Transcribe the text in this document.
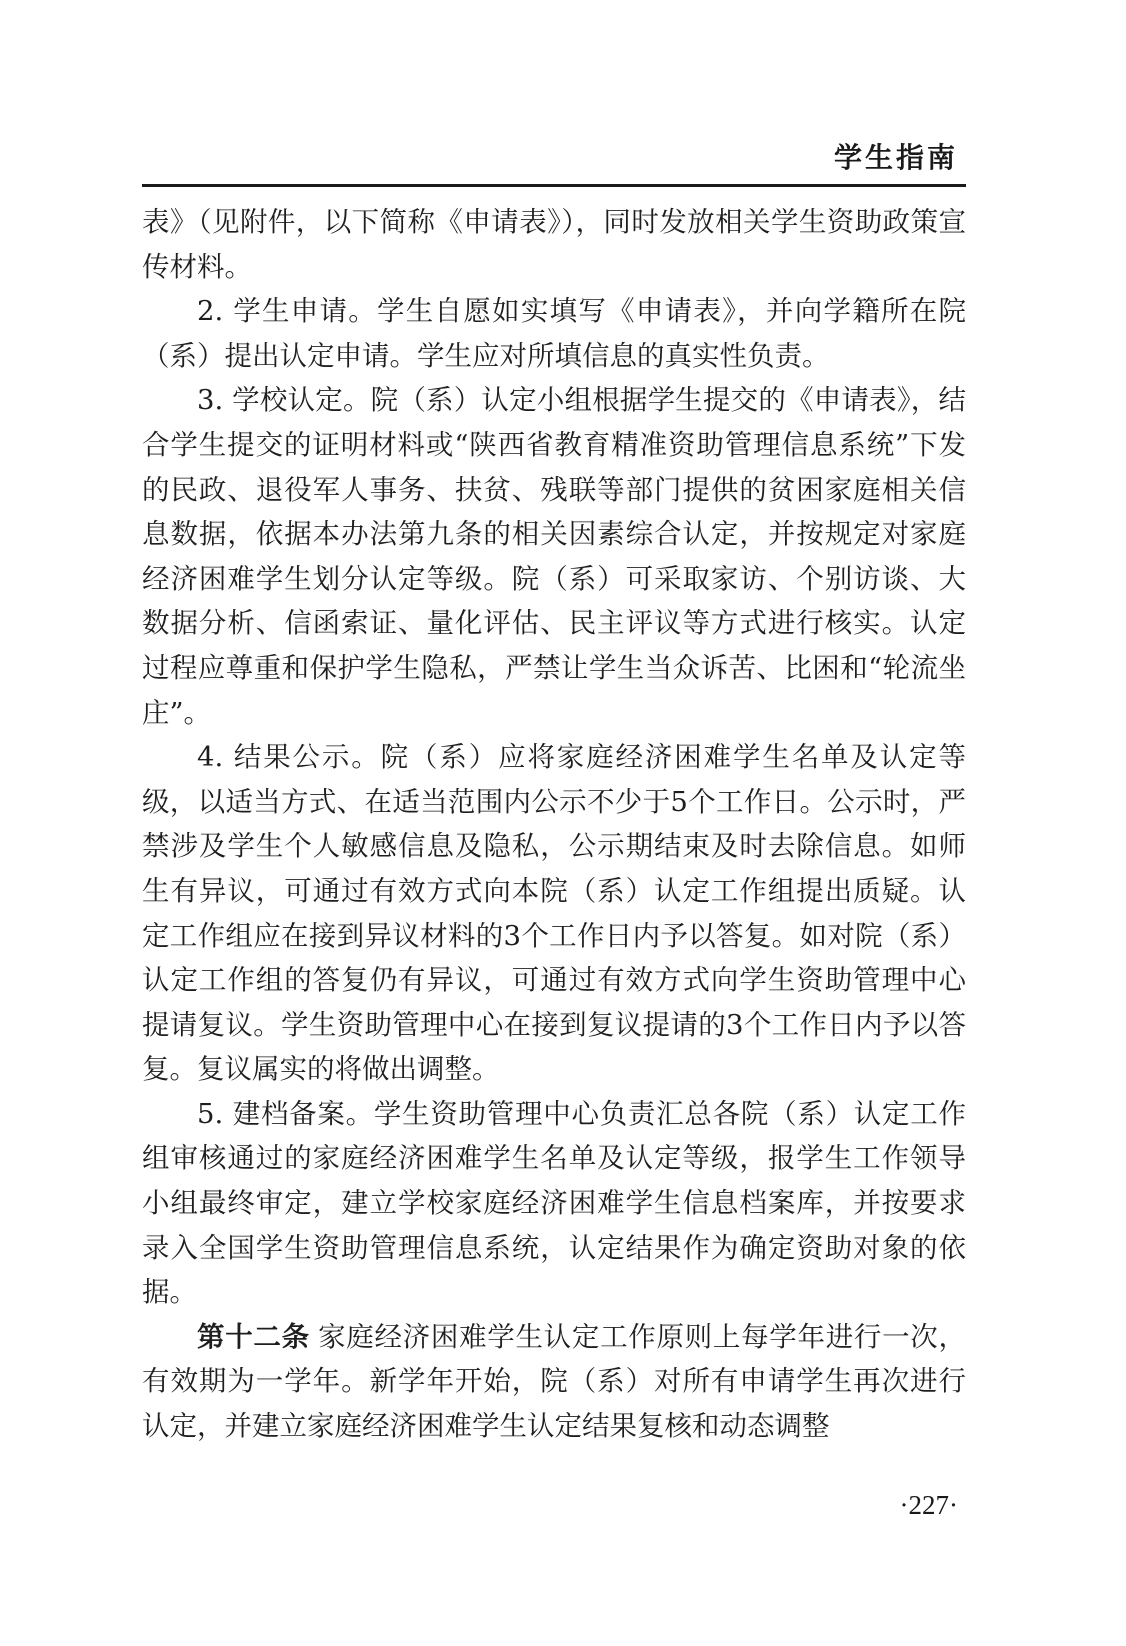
学生指南

表》（见附件，以下简称《申请表》），同时发放相关学生资助政策宣传材料。

2. 学生申请。学生自愿如实填写《申请表》，并向学籍所在院（系）提出认定申请。学生应对所填信息的真实性负责。

3. 学校认定。院（系）认定小组根据学生提交的《申请表》，结合学生提交的证明材料或“陕西省教育精准资助管理信息系统”下发的民政、退役军人事务、扶贫、残联等部门提供的贫困家庭相关信息数据，依据本办法第九条的相关因素综合认定，并按规定对家庭经济困难学生划分认定等级。院（系）可采取家访、个别访谈、大数据分析、信函索证、量化评估、民主评议等方式进行核实。认定过程应尊重和保护学生隐私，严禁让学生当众诉苦、比困和“轮流坐庄”。

4. 结果公示。院（系）应将家庭经济困难学生名单及认定等级，以适当方式、在适当范围内公示不少于5个工作日。公示时，严禁涉及学生个人敏感信息及隐私，公示期结束及时去除信息。如师生有异议，可通过有效方式向本院（系）认定工作组提出质疑。认定工作组应在接到异议材料的3个工作日内予以答复。如对院（系）认定工作组的答复仍有异议，可通过有效方式向学生资助管理中心提请复议。学生资助管理中心在接到复议提请的3个工作日内予以答复。复议属实的将做出调整。

5. 建档备案。学生资助管理中心负责汇总各院（系）认定工作组审核通过的家庭经济困难学生名单及认定等级，报学生工作领导小组最终审定，建立学校家庭经济困难学生信息档案库，并按要求录入全国学生资助管理信息系统，认定结果作为确定资助对象的依据。

第十二条 家庭经济困难学生认定工作原则上每学年进行一次，有效期为一学年。新学年开始，院（系）对所有申请学生再次进行认定，并建立家庭经济困难学生认定结果复核和动态调整

·227·
